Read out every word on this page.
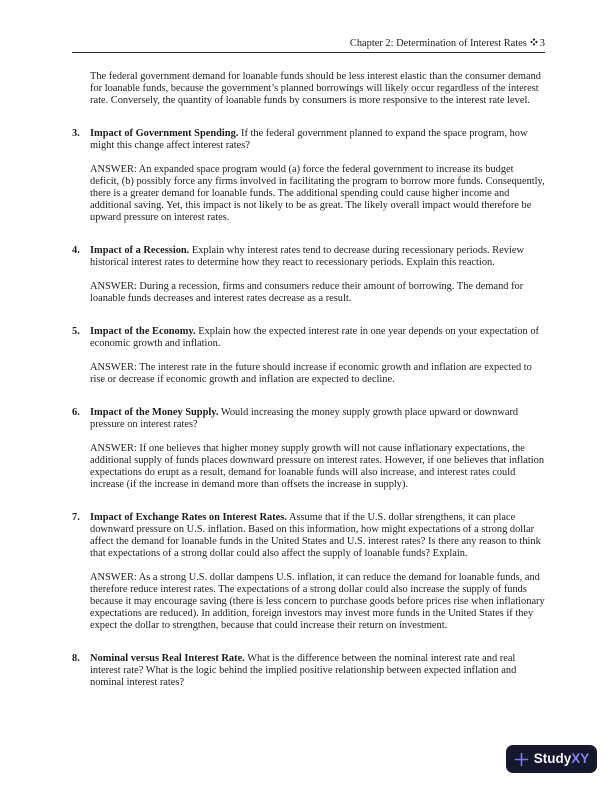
Chapter 2: Determination of Interest Rates 3

The federal government demand for loanable funds should be less interest elastic than the consumer demand for loanable funds, because the government’s planned borrowings will likely occur regardless of the interest rate. Conversely, the quantity of loanable funds by consumers is more responsive to the interest rate level.

3. Impact of Government Spending. If the federal government planned to expand the space program, how might this change affect interest rates?

ANSWER: An expanded space program would (a) force the federal government to increase its budget deficit, (b) possibly force any firms involved in facilitating the program to borrow more funds. Consequently, there is a greater demand for loanable funds. The additional spending could cause higher income and additional saving. Yet, this impact is not likely to be as great. The likely overall impact would therefore be upward pressure on interest rates.

4. Impact of a Recession. Explain why interest rates tend to decrease during recessionary periods. Review historical interest rates to determine how they react to recessionary periods. Explain this reaction.

ANSWER: During a recession, firms and consumers reduce their amount of borrowing. The demand for loanable funds decreases and interest rates decrease as a result.

5. Impact of the Economy. Explain how the expected interest rate in one year depends on your expectation of economic growth and inflation.

ANSWER: The interest rate in the future should increase if economic growth and inflation are expected to rise or decrease if economic growth and inflation are expected to decline.

6. Impact of the Money Supply. Would increasing the money supply growth place upward or downward pressure on interest rates?

ANSWER: If one believes that higher money supply growth will not cause inflationary expectations, the additional supply of funds places downward pressure on interest rates. However, if one believes that inflation expectations do erupt as a result, demand for loanable funds will also increase, and interest rates could increase (if the increase in demand more than offsets the increase in supply).

7. Impact of Exchange Rates on Interest Rates. Assume that if the U.S. dollar strengthens, it can place downward pressure on U.S. inflation. Based on this information, how might expectations of a strong dollar affect the demand for loanable funds in the United States and U.S. interest rates? Is there any reason to think that expectations of a strong dollar could also affect the supply of loanable funds? Explain.

ANSWER: As a strong U.S. dollar dampens U.S. inflation, it can reduce the demand for loanable funds, and therefore reduce interest rates. The expectations of a strong dollar could also increase the supply of funds because it may encourage saving (there is less concern to purchase goods before prices rise when inflationary expectations are reduced). In addition, foreign investors may invest more funds in the United States if they expect the dollar to strengthen, because that could increase their return on investment.

8. Nominal versus Real Interest Rate. What is the difference between the nominal interest rate and real interest rate? What is the logic behind the implied positive relationship between expected inflation and nominal interest rates?

Study XY
